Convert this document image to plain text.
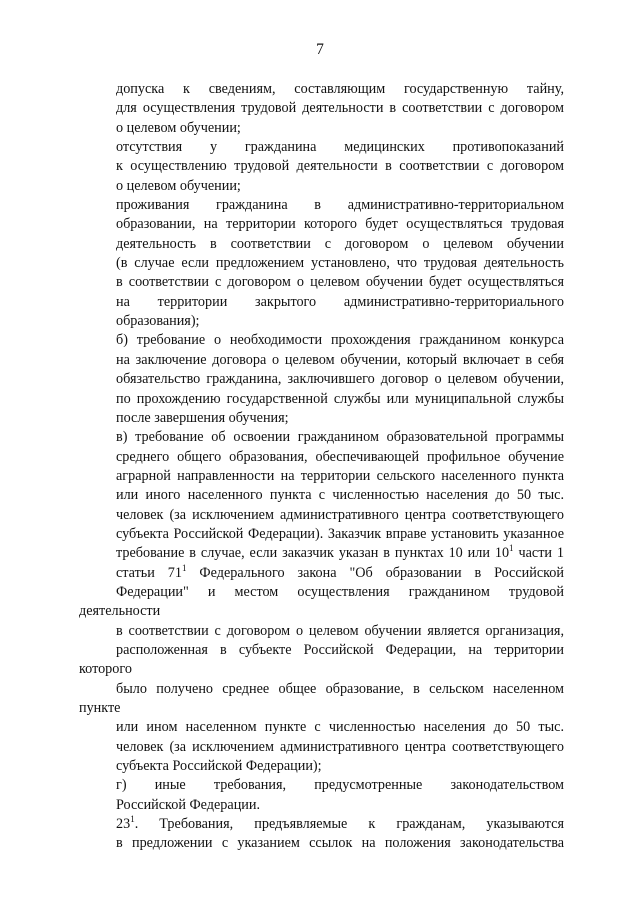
7

допуска к сведениям, составляющим государственную тайну,
для осуществления трудовой деятельности в соответствии с договором
о целевом обучении;

отсутствия у гражданина медицинских противопоказаний
к осуществлению трудовой деятельности в соответствии с договором
о целевом обучении;

проживания гражданина в административно-территориальном
образовании, на территории которого будет осуществляться трудовая
деятельность в соответствии с договором о целевом обучении
(в случае если предложением установлено, что трудовая деятельность
в соответствии с договором о целевом обучении будет осуществляться
на территории закрытого административно-территориального
образования);

б) требование о необходимости прохождения гражданином конкурса
на заключение договора о целевом обучении, который включает в себя
обязательство гражданина, заключившего договор о целевом обучении,
по прохождению государственной службы или муниципальной службы
после завершения обучения;

в) требование об освоении гражданином образовательной программы
среднего общего образования, обеспечивающей профильное обучение
аграрной направленности на территории сельского населенного пункта
или иного населенного пункта с численностью населения до 50 тыс.
человек (за исключением административного центра соответствующего
субъекта Российской Федерации). Заказчик вправе установить указанное
требование в случае, если заказчик указан в пунктах 10 или $10^1$ части 1
статьи $71^1$ Федерального закона "Об образовании в Российской
Федерации" и местом осуществления гражданином трудовой деятельности
в соответствии с договором о целевом обучении является организация,
расположенная в субъекте Российской Федерации, на территории которого
было получено среднее общее образование, в сельском населенном пункте
или ином населенном пункте с численностью населения до 50 тыс.
человек (за исключением административного центра соответствующего
субъекта Российской Федерации);

г) иные требования, предусмотренные законодательством
Российской Федерации.

$23^1$. Требования, предъявляемые к гражданам, указываются
в предложении с указанием ссылок на положения законодательства
